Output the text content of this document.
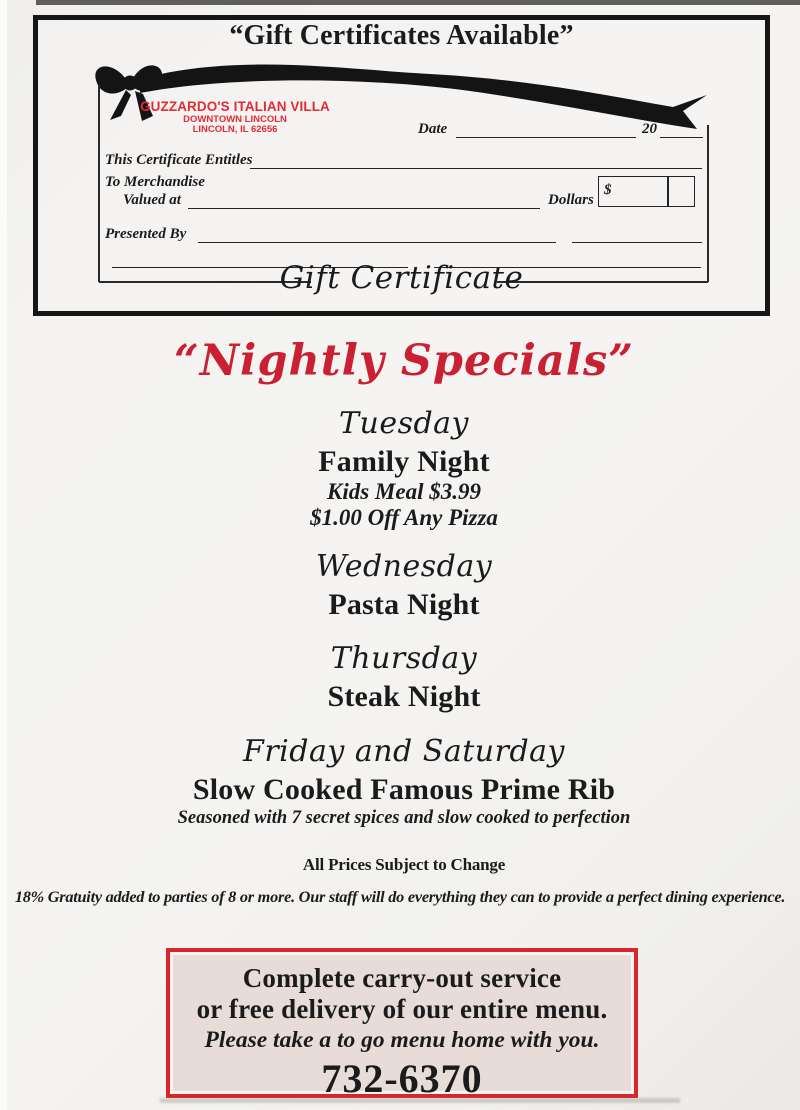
“Gift Certificates Available”
GUZZARDO'S ITALIAN VILLA
DOWNTOWN LINCOLN
LINCOLN, IL 62656	Date	20
This Certificate Entitles
To Merchandise
Valued at	Dollars
$
Presented By
Gift Certificate
“Nightly Specials”
Tuesday
Family Night
Kids Meal $3.99
$1.00 Off Any Pizza
Wednesday
Pasta Night
Thursday
Steak Night
Friday and Saturday
Slow Cooked Famous Prime Rib
Seasoned with 7 secret spices and slow cooked to perfection
All Prices Subject to Change
18% Gratuity added to parties of 8 or more. Our staff will do everything they can to provide a perfect dining experience.
Complete carry-out service
or free delivery of our entire menu.
Please take a to go menu home with you.
732-6370
